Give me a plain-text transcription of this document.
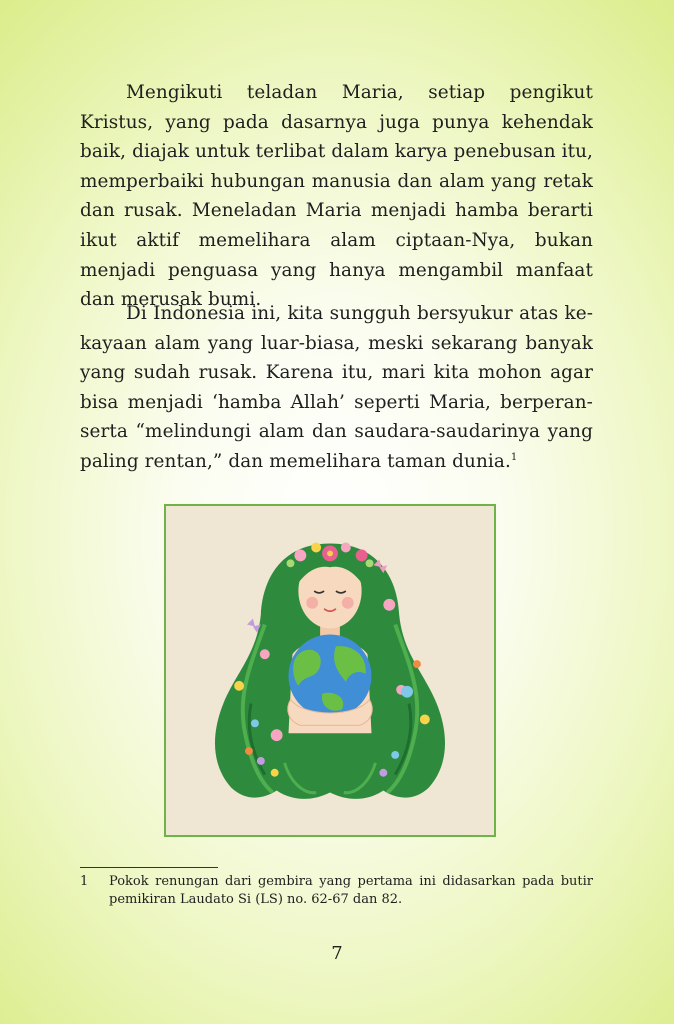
Mengikuti teladan Maria, setiap pengikut Kristus, yang pada dasarnya juga punya kehendak baik, diajak untuk terlibat dalam karya penebusan itu, memperbaiki hubungan manusia dan alam yang retak dan rusak. Meneladan Maria menjadi hamba berarti ikut aktif memelihara alam ciptaan-Nya, bukan menjadi penguasa yang hanya mengambil manfaat dan merusak bumi.

Di Indonesia ini, kita sungguh bersyukur atas kekayaan alam yang luar-biasa, meski sekarang banyak yang sudah rusak. Karena itu, mari kita mohon agar bisa menjadi ‘hamba Allah’ seperti Maria, berperan-serta “melindungi alam dan saudara-saudarinya yang paling rentan,” dan memelihara taman dunia.$^1$

1	Pokok renungan dari gembira yang pertama ini didasarkan pada butir pemikiran Laudato Si (LS) no. 62-67 dan 82.
7
